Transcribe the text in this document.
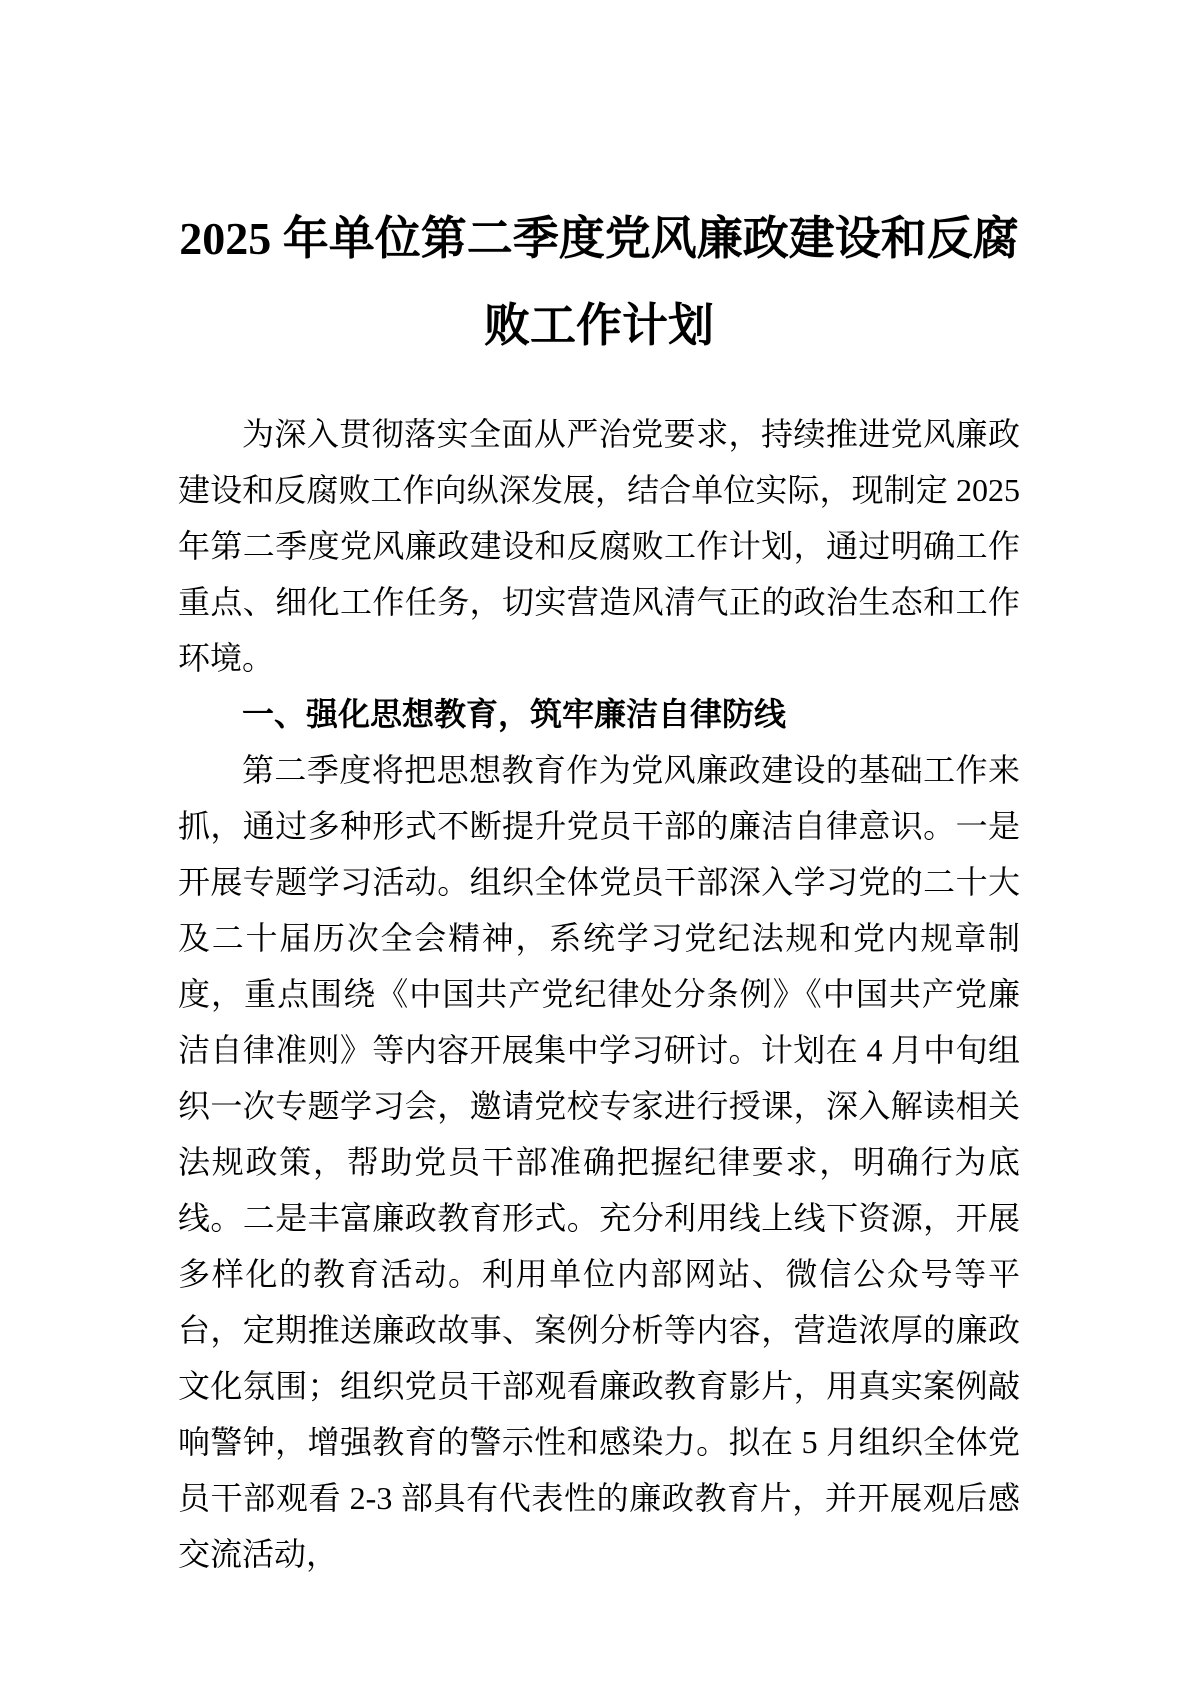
2025 年单位第二季度党风廉政建设和反腐
败工作计划

为深入贯彻落实全面从严治党要求，持续推进党风廉政建设和反腐败工作向纵深发展，结合单位实际，现制定 2025 年第二季度党风廉政建设和反腐败工作计划，通过明确工作重点、细化工作任务，切实营造风清气正的政治生态和工作环境。

一、强化思想教育，筑牢廉洁自律防线

第二季度将把思想教育作为党风廉政建设的基础工作来抓，通过多种形式不断提升党员干部的廉洁自律意识。一是开展专题学习活动。组织全体党员干部深入学习党的二十大及二十届历次全会精神，系统学习党纪法规和党内规章制度，重点围绕《中国共产党纪律处分条例》《中国共产党廉洁自律准则》等内容开展集中学习研讨。计划在 4 月中旬组织一次专题学习会，邀请党校专家进行授课，深入解读相关法规政策，帮助党员干部准确把握纪律要求，明确行为底线。二是丰富廉政教育形式。充分利用线上线下资源，开展多样化的教育活动。利用单位内部网站、微信公众号等平台，定期推送廉政故事、案例分析等内容，营造浓厚的廉政文化氛围；组织党员干部观看廉政教育影片，用真实案例敲响警钟，增强教育的警示性和感染力。拟在 5 月组织全体党员干部观看 2-3 部具有代表性的廉政教育片，并开展观后感交流活动，
